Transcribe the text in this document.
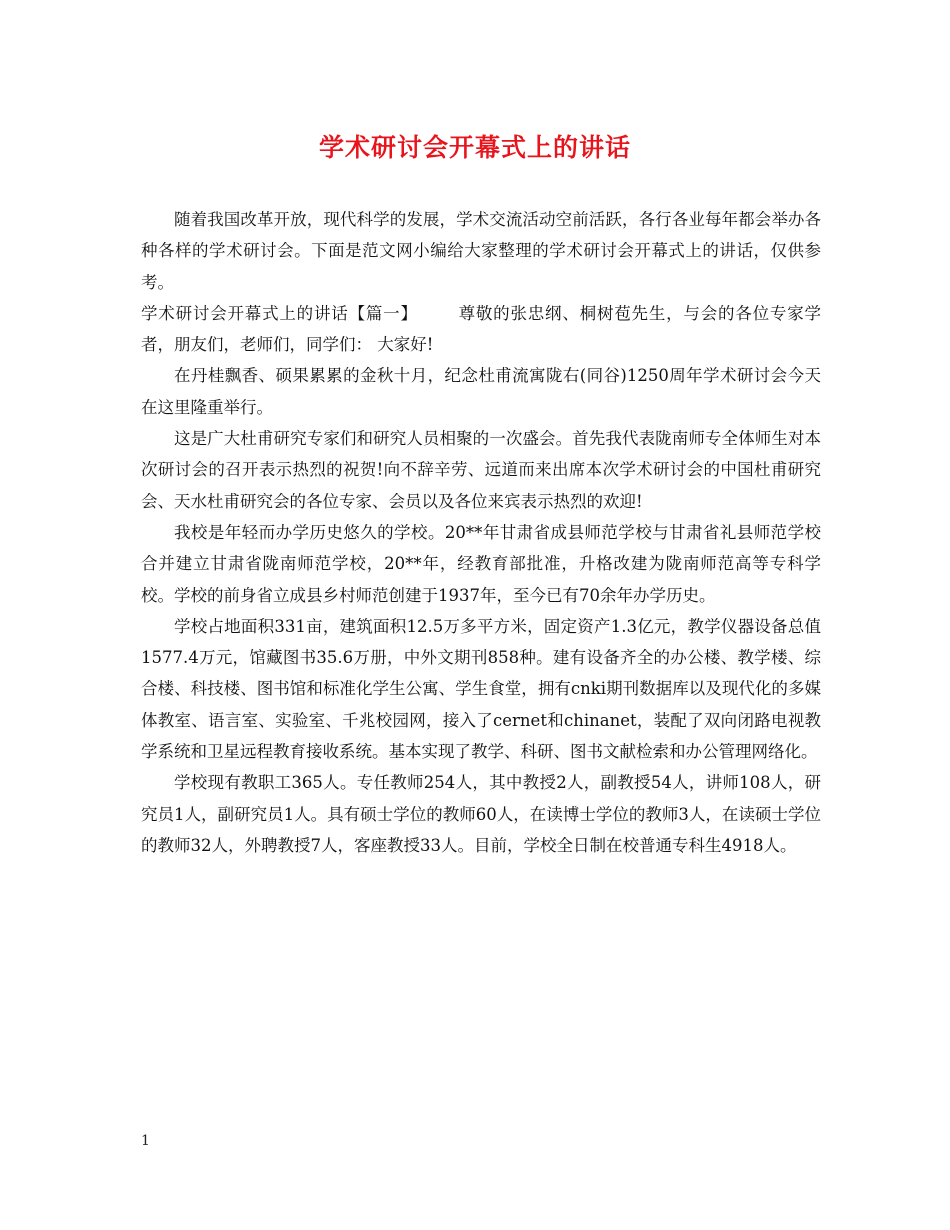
学术研讨会开幕式上的讲话

随着我国改革开放，现代科学的发展，学术交流活动空前活跃，各行各业每年都会举办各种各样的学术研讨会。下面是范文网小编给大家整理的学术研讨会开幕式上的讲话，仅供参考。

学术研讨会开幕式上的讲话【篇一】 尊敬的张忠纲、桐树苞先生，与会的各位专家学者，朋友们，老师们，同学们： 大家好!

在丹桂飘香、硕果累累的金秋十月，纪念杜甫流寓陇右(同谷)1250周年学术研讨会今天在这里隆重举行。

这是广大杜甫研究专家们和研究人员相聚的一次盛会。首先我代表陇南师专全体师生对本次研讨会的召开表示热烈的祝贺!向不辞辛劳、远道而来出席本次学术研讨会的中国杜甫研究会、天水杜甫研究会的各位专家、会员以及各位来宾表示热烈的欢迎!

我校是年轻而办学历史悠久的学校。20**年甘肃省成县师范学校与甘肃省礼县师范学校合并建立甘肃省陇南师范学校，20**年，经教育部批准，升格改建为陇南师范高等专科学校。学校的前身省立成县乡村师范创建于1937年，至今已有70余年办学历史。

学校占地面积331亩，建筑面积12.5万多平方米，固定资产1.3亿元，教学仪器设备总值1577.4万元，馆藏图书35.6万册，中外文期刊858种。建有设备齐全的办公楼、教学楼、综合楼、科技楼、图书馆和标准化学生公寓、学生食堂，拥有cnki期刊数据库以及现代化的多媒体教室、语言室、实验室、千兆校园网，接入了cernet和chinanet，装配了双向闭路电视教学系统和卫星远程教育接收系统。基本实现了教学、科研、图书文献检索和办公管理网络化。

学校现有教职工365人。专任教师254人，其中教授2人，副教授54人，讲师108人，研究员1人，副研究员1人。具有硕士学位的教师60人，在读博士学位的教师3人，在读硕士学位的教师32人，外聘教授7人，客座教授33人。目前，学校全日制在校普通专科生4918人。

1
